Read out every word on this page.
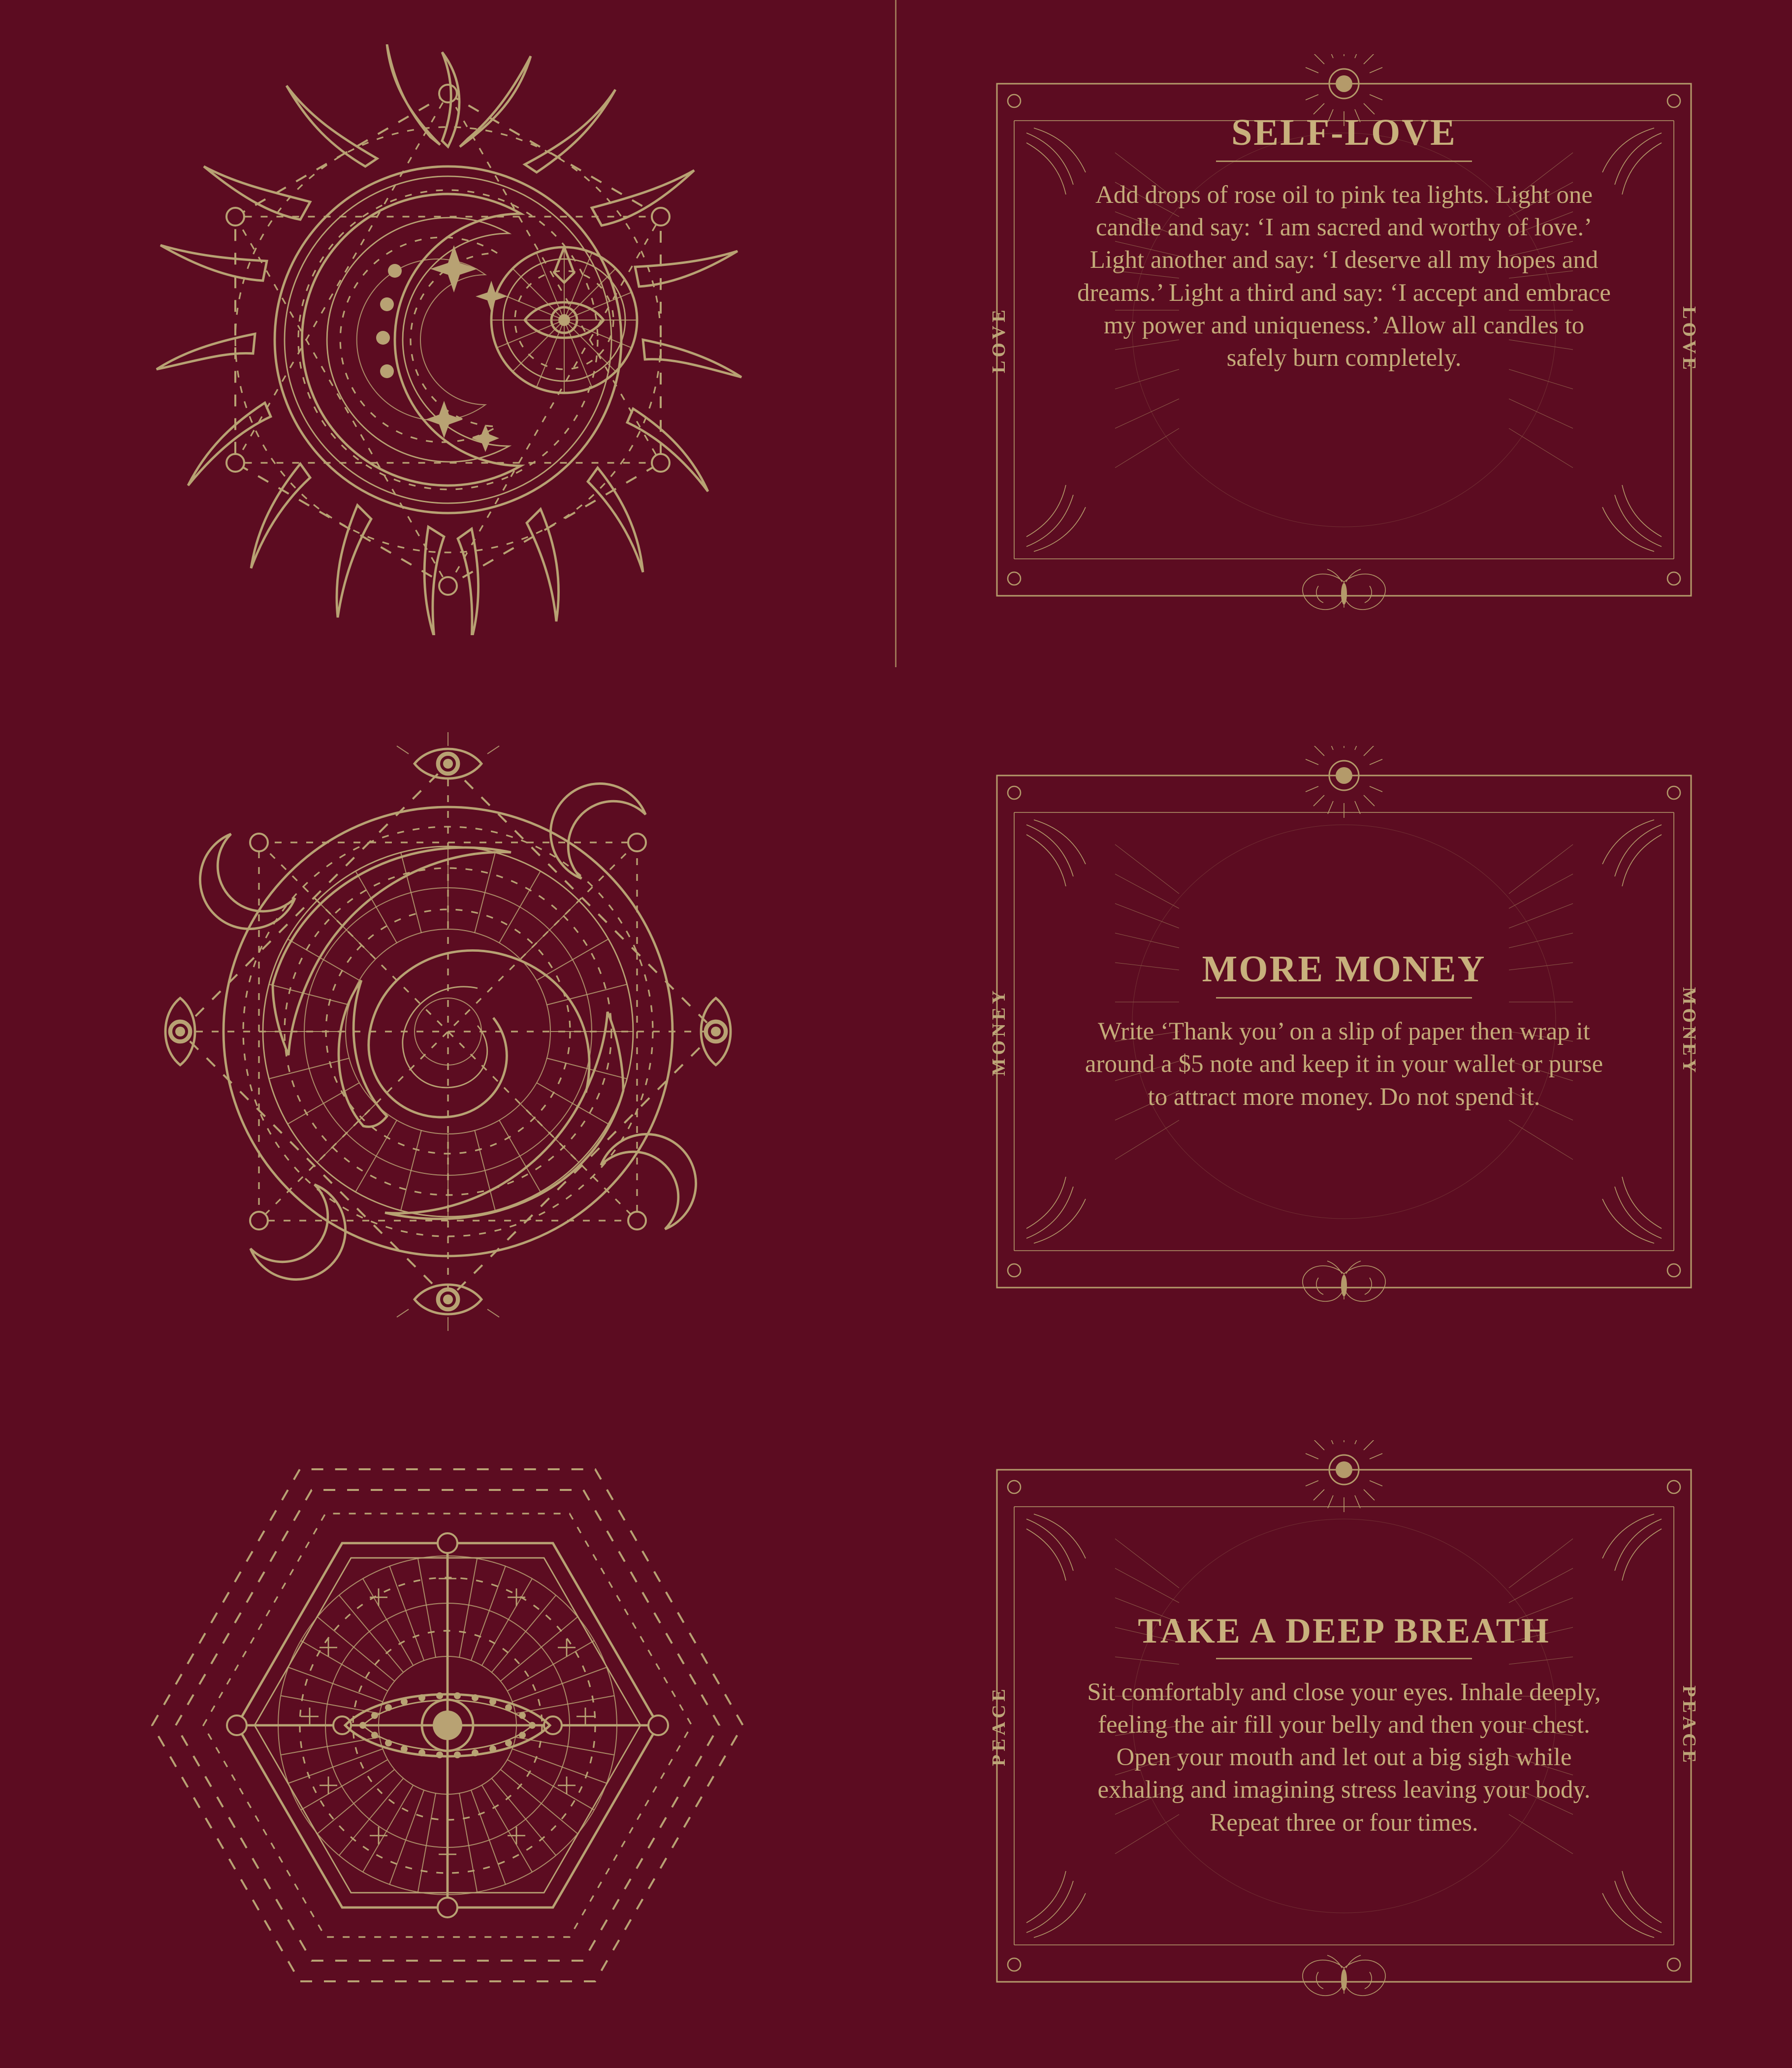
LOVE	LOVE
SELF-LOVE

Add drops of rose oil to pink tea lights. Light one candle and say: ‘I am sacred and worthy of love.’ Light another and say: ‘I deserve all my hopes and dreams.’ Light a third and say: ‘I accept and embrace my power and uniqueness.’ Allow all candles to safely burn completely.

MONEY	MONEY
MORE MONEY

Write ‘Thank you’ on a slip of paper then wrap it around a $5 note and keep it in your wallet or purse to attract more money. Do not spend it.

PEACE	PEACE
TAKE A DEEP BREATH

Sit comfortably and close your eyes. Inhale deeply, feeling the air fill your belly and then your chest. Open your mouth and let out a big sigh while exhaling and imagining stress leaving your body. Repeat three or four times.
